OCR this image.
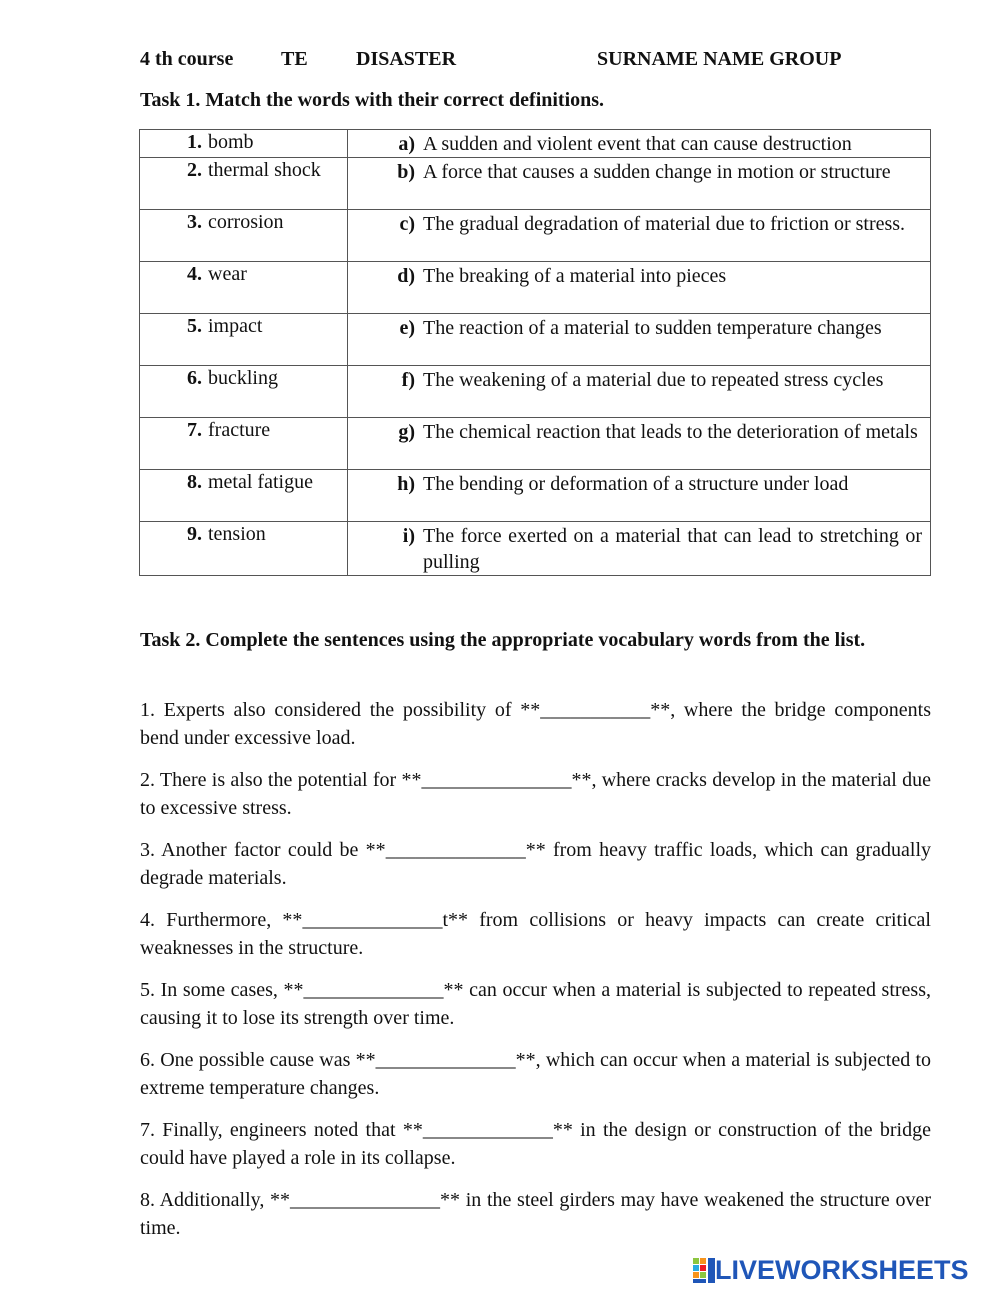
4 th course TE DISASTER	SURNAME NAME GROUP
Task 1. Match the words with their correct definitions.
1. bomb	a) A sudden and violent event that can cause destruction

2. thermal shock	b) A force that causes a sudden change in motion or structure

3. corrosion	c) The gradual degradation of material due to friction or stress.

4. wear	d) The breaking of a material into pieces

5. impact	e) The reaction of a material to sudden temperature changes

6. buckling	f) The weakening of a material due to repeated stress cycles

7. fracture	g) The chemical reaction that leads to the deterioration of metals

8. metal fatigue	h) The bending or deformation of a structure under load

9. tension	i) The force exerted on a material that can lead to stretching or pulling
Task 2. Complete the sentences using the appropriate vocabulary words from the list.
1. Experts also considered the possibility of **___________**, where the bridge components bend under excessive load.
2. There is also the potential for **_______________**, where cracks develop in the material due to excessive stress.
3. Another factor could be **______________** from heavy traffic loads, which can gradually degrade materials.
4. Furthermore, **______________t** from collisions or heavy impacts can create critical weaknesses in the structure.
5. In some cases, **______________** can occur when a material is subjected to repeated stress, causing it to lose its strength over time.
6. One possible cause was **______________**, which can occur when a material is subjected to extreme temperature changes.
7. Finally, engineers noted that **_____________** in the design or construction of the bridge could have played a role in its collapse.
8. Additionally, **_______________** in the steel girders may have weakened the structure over time.
LIVEWORKSHEETS
